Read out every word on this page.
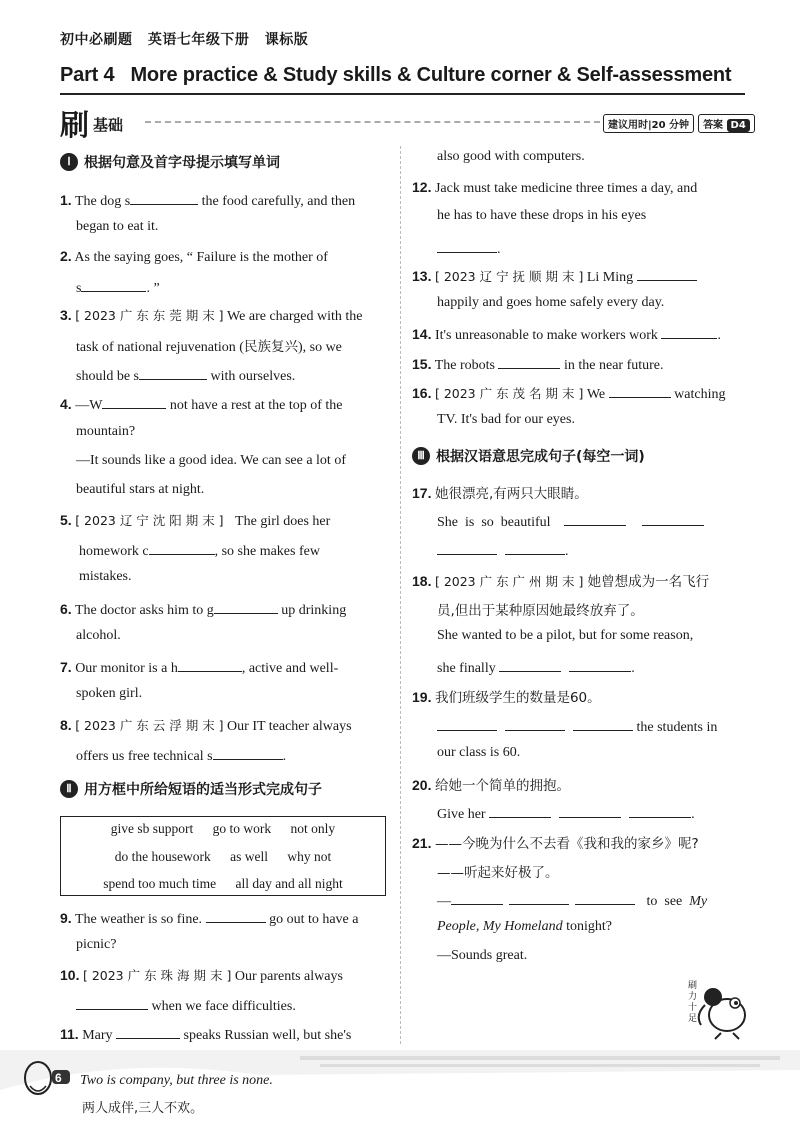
初中必刷题 英语七年级下册 课标版
Part 4   More practice & Study skills & Culture corner & Self-assessment
刷 基础	建议用时|20 分钟	答案 D4
Ⅰ 根据句意及首字母提示填写单词
1. The dog s	the food carefully, and then
began to eat it.
2. As the saying goes, “ Failure is the mother of
s	. ”
3. [ 2023 广 东 东 莞 期 末 ] We are charged with the
task of national rejuvenation (民族复兴), so we
should be s	with ourselves.
4. —W	not have a rest at the top of the
mountain?
—It sounds like a good idea. We can see a lot of
beautiful stars at night.
5. [ 2023 辽 宁 沈 阳 期 末 ] The girl does her
homework c	, so she makes few
mistakes.
6. The doctor asks him to g	up drinking
alcohol.
7. Our monitor is a h	, active and well-
spoken girl.
8. [ 2023 广 东 云 浮 期 末 ] Our IT teacher always
offers us free technical s	.
Ⅱ 用方框中所给短语的适当形式完成句子
give sb support go to work not only
do the housework as well why not
spend too much time all day and all night
9. The weather is so fine.	go out to have a
picnic?
10. [ 2023 广 东 珠 海 期 末 ] Our parents always
when we face difficulties.
11. Mary	speaks Russian well, but she's
also good with computers.
12. Jack must take medicine three times a day, and
he has to have these drops in his eyes
.
13. [ 2023 辽 宁 抚 顺 期 末 ] Li Ming
happily and goes home safely every day.
14. It's unreasonable to make workers work	.
15. The robots	in the near future.
16. [ 2023 广 东 茂 名 期 末 ] We	watching
TV. It's bad for our eyes.
Ⅲ 根据汉语意思完成句子(每空一词)
17. 她很漂亮,有两只大眼睛。
She  is  so  beautiful
.
18. [ 2023 广 东 广 州 期 末 ] 她曾想成为一名飞行
员,但出于某种原因她最终放弃了。
She wanted to be a pilot, but for some reason,
she finally	.
19. 我们班级学生的数量是60。
the students in
our class is 60.
20. 给她一个简单的拥抱。
Give her	.
21. ——今晚为什么不去看《我和我的家乡》呢?
——听起来好极了。
—	to  see  My
People, My Homeland tonight?
—Sounds great.
刷力十足
6 Two is company, but three is none.
两人成伴,三人不欢。
